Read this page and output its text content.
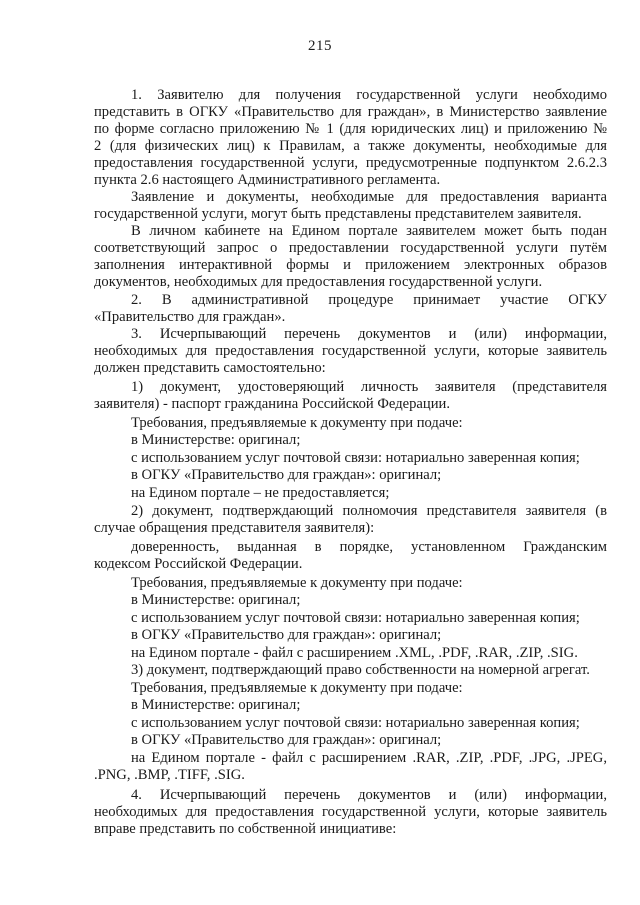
215
1. Заявителю для получения государственной услуги необходимо
представить в ОГКУ «Правительство для граждан», в Министерство заявление
по форме согласно приложению № 1 (для юридических лиц) и приложению №
2 (для физических лиц) к Правилам, а также документы, необходимые для
предоставления государственной услуги, предусмотренные подпунктом 2.6.2.3
пункта 2.6 настоящего Административного регламента.
Заявление и документы, необходимые для предоставления варианта
государственной услуги, могут быть представлены представителем заявителя.
В личном кабинете на Едином портале заявителем может быть подан
соответствующий запрос о предоставлении государственной услуги путём
заполнения интерактивной формы и приложением электронных образов
документов, необходимых для предоставления государственной услуги.
2. В административной процедуре принимает участие ОГКУ
«Правительство для граждан».
3. Исчерпывающий перечень документов и (или) информации,
необходимых для предоставления государственной услуги, которые заявитель
должен представить самостоятельно:
1) документ, удостоверяющий личность заявителя (представителя
заявителя) - паспорт гражданина Российской Федерации.
Требования, предъявляемые к документу при подаче:
в Министерстве: оригинал;
с использованием услуг почтовой связи: нотариально заверенная копия;
в ОГКУ «Правительство для граждан»: оригинал;
на Едином портале – не предоставляется;
2) документ, подтверждающий полномочия представителя заявителя (в
случае обращения представителя заявителя):
доверенность, выданная в порядке, установленном Гражданским
кодексом Российской Федерации.
Требования, предъявляемые к документу при подаче:
в Министерстве: оригинал;
с использованием услуг почтовой связи: нотариально заверенная копия;
в ОГКУ «Правительство для граждан»: оригинал;
на Едином портале - файл с расширением .XML, .PDF, .RAR, .ZIP, .SIG.
3) документ, подтверждающий право собственности на номерной агрегат.
Требования, предъявляемые к документу при подаче:
в Министерстве: оригинал;
с использованием услуг почтовой связи: нотариально заверенная копия;
в ОГКУ «Правительство для граждан»: оригинал;
на Едином портале - файл с расширением .RAR, .ZIP, .PDF, .JPG, .JPEG,
.PNG, .BMP, .TIFF, .SIG.
4. Исчерпывающий перечень документов и (или) информации,
необходимых для предоставления государственной услуги, которые заявитель
вправе представить по собственной инициативе:
